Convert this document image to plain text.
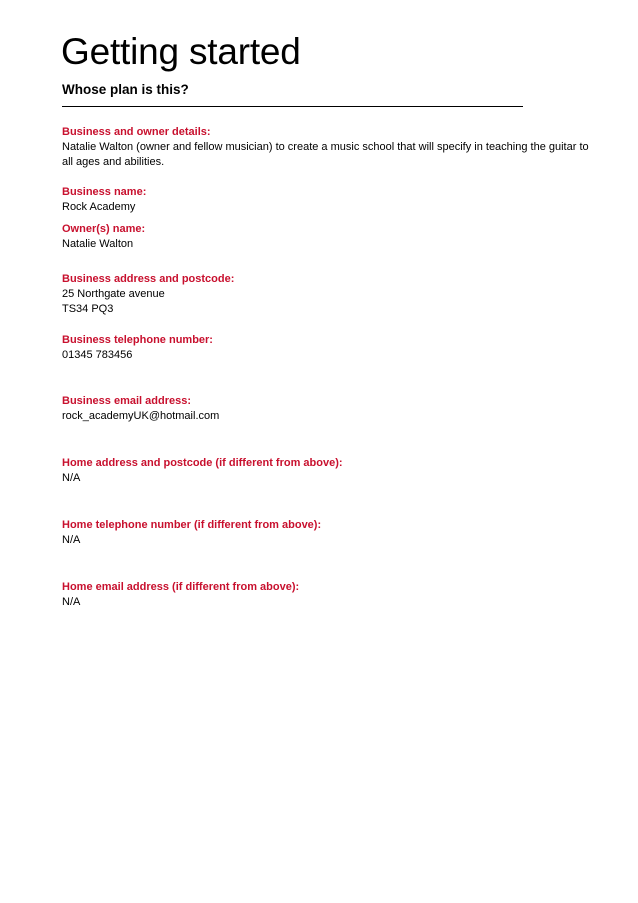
Getting started
Whose plan is this?
Business and owner details:
Natalie Walton (owner and fellow musician) to create a music school that will specify in teaching the guitar to all ages and abilities.
Business name:
Rock Academy
Owner(s) name:
Natalie Walton
Business address and postcode:
25 Northgate avenue
TS34 PQ3
Business telephone number:
01345 783456
Business email address:
rock_academyUK@hotmail.com
Home address and postcode (if different from above):
N/A
Home telephone number (if different from above):
N/A
Home email address (if different from above):
N/A
